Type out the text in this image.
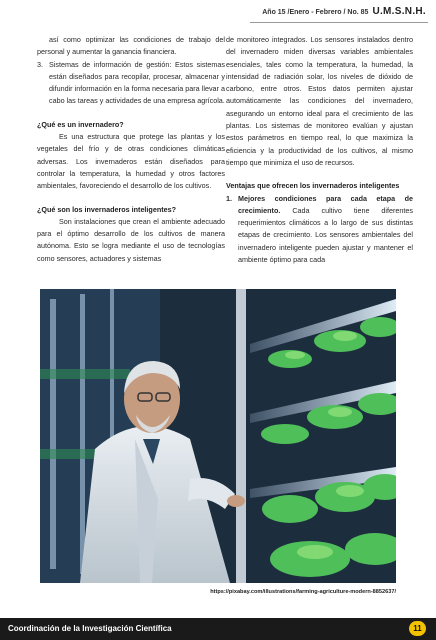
Año 15 /Enero - Febrero / No. 85 U.M.S.N.H.

así como optimizar las condiciones de trabajo del personal y aumentar la ganancia financiera.

3. Sistemas de información de gestión: Estos sistemas están diseñados para recopilar, procesar, almacenar y difundir información en la forma necesaria para llevar a cabo las tareas y actividades de una empresa agrícola.

¿Qué es un invernadero?

Es una estructura que protege las plantas y los vegetales del frío y de otras condiciones climáticas adversas. Los invernaderos están diseñados para controlar la temperatura, la humedad y otros factores ambientales, favoreciendo el desarrollo de los cultivos.

¿Qué son los invernaderos inteligentes?

Son instalaciones que crean el ambiente adecuado para el óptimo desarrollo de los cultivos de manera autónoma. Esto se logra mediante el uso de tecnologías como sensores, actuadores y sistemas

de monitoreo integrados. Los sensores instalados dentro del invernadero miden diversas variables ambientales esenciales, tales como la temperatura, la humedad, la intensidad de radiación solar, los niveles de dióxido de carbono, entre otros. Estos datos permiten ajustar automáticamente las condiciones del invernadero, asegurando un entorno ideal para el crecimiento de las plantas. Los sistemas de monitoreo evalúan y ajustan estos parámetros en tiempo real, lo que maximiza la eficiencia y la productividad de los cultivos, al mismo tiempo que minimiza el uso de recursos.

Ventajas que ofrecen los invernaderos inteligentes

1. Mejores condiciones para cada etapa de crecimiento. Cada cultivo tiene diferentes requerimientos climáticos a lo largo de sus distintas etapas de crecimiento. Los sensores ambientales del invernadero inteligente pueden ajustar y mantener el ambiente óptimo para cada
https://pixabay.com/illustrations/farming-agriculture-modern-8852637/
Coordinación de la Investigación Científica	11
